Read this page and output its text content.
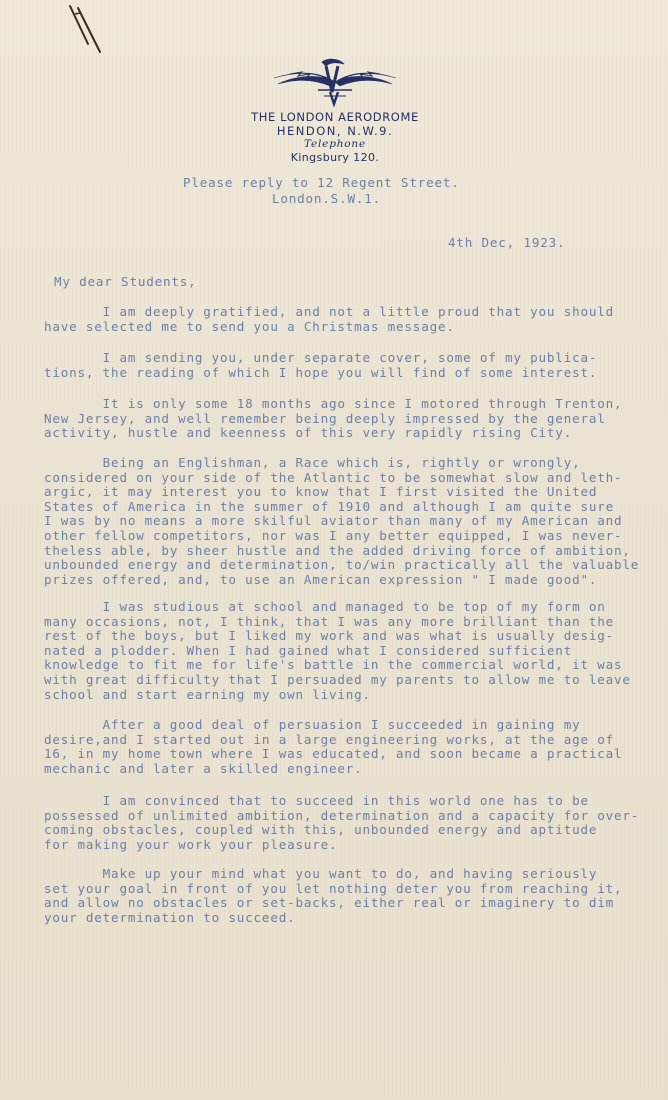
THE LONDON AERODROME
HENDON, N.W.9.
Telephone
Kingsbury 120.
Please reply to 12 Regent Street.
London.S.W.1.
4th Dec, 1923.
My dear Students,
I am deeply gratified, and not a little proud that you should
have selected me to send you a Christmas message.
I am sending you, under separate cover, some of my publica-
tions, the reading of which I hope you will find of some interest.
It is only some 18 months ago since I motored through Trenton,
New Jersey, and well remember being deeply impressed by the general
activity, hustle and keenness of this very rapidly rising City.
Being an Englishman, a Race which is, rightly or wrongly,
considered on your side of the Atlantic to be somewhat slow and leth-
argic, it may interest you to know that I first visited the United
States of America in the summer of 1910 and although I am quite sure
I was by no means a more skilful aviator than many of my American and
other fellow competitors, nor was I any better equipped, I was never-
theless able, by sheer hustle and the added driving force of ambition,
unbounded energy and determination, to/win practically all the valuable
prizes offered, and, to use an American expression " I made good".
I was studious at school and managed to be top of my form on
many occasions, not, I think, that I was any more brilliant than the
rest of the boys, but I liked my work and was what is usually desig-
nated a plodder. When I had gained what I considered sufficient
knowledge to fit me for life's battle in the commercial world, it was
with great difficulty that I persuaded my parents to allow me to leave
school and start earning my own living.
After a good deal of persuasion I succeeded in gaining my
desire,and I started out in a large engineering works, at the age of
16, in my home town where I was educated, and soon became a practical
mechanic and later a skilled engineer.
I am convinced that to succeed in this world one has to be
possessed of unlimited ambition, determination and a capacity for over-
coming obstacles, coupled with this, unbounded energy and aptitude
for making your work your pleasure.
Make up your mind what you want to do, and having seriously
set your goal in front of you let nothing deter you from reaching it,
and allow no obstacles or set-backs, either real or imaginery to dim
your determination to succeed.
